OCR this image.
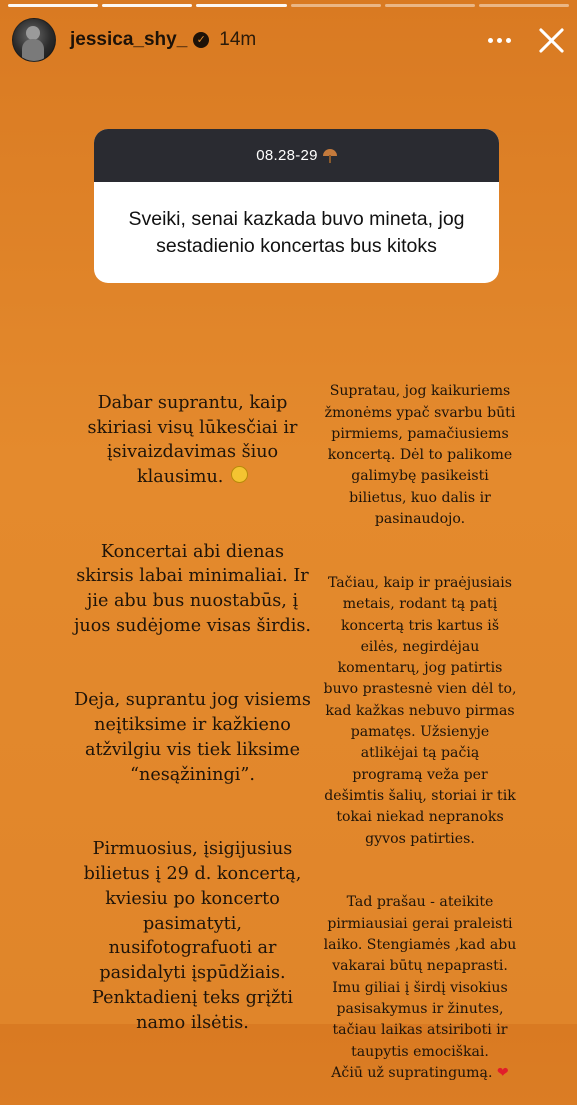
jessica_shy_ ✓ 14m
08.28-29
Sveiki, senai kazkada buvo mineta, jog
sestadienio koncertas bus kitoks

Dabar suprantu, kaip
skiriasi visų lūkesčiai ir
įsivaizdavimas šiuo
klausimu.

Koncertai abi dienas
skirsis labai minimaliai. Ir
jie abu bus nuostabūs, į
juos sudėjome visas širdis.

Deja, suprantu jog visiems
neįtiksime ir kažkieno
atžvilgiu vis tiek liksime
“nesąžiningi”.

Pirmuosius, įsigijusius
bilietus į 29 d. koncertą,
kviesiu po koncerto
pasimatyti,
nusifotografuoti ar
pasidalyti įspūdžiais.
Penktadienį teks grįžti
namo ilsėtis.

Supratau, jog kaikuriems
žmonėms ypač svarbu būti
pirmiems, pamačiusiems
koncertą. Dėl to palikome
galimybę pasikeisti
bilietus, kuo dalis ir
pasinaudojo.

Tačiau, kaip ir praėjusiais
metais, rodant tą patį
koncertą tris kartus iš
eilės, negirdėjau
komentarų, jog patirtis
buvo prastesnė vien dėl to,
kad kažkas nebuvo pirmas
pamatęs. Užsienyje
atlikėjai tą pačią
programą veža per
dešimtis šalių, storiai ir tik
tokai niekad nepranoks
gyvos patirties.

Tad prašau - ateikite
pirmiausiai gerai praleisti
laiko. Stengiamės ,kad abu
vakarai būtų nepaprasti.
Imu giliai į širdį visokius
pasisakymus ir žinutes,
tačiau laikas atsiriboti ir
taupytis emociškai.
Ačiū už supratingumą. ❤
